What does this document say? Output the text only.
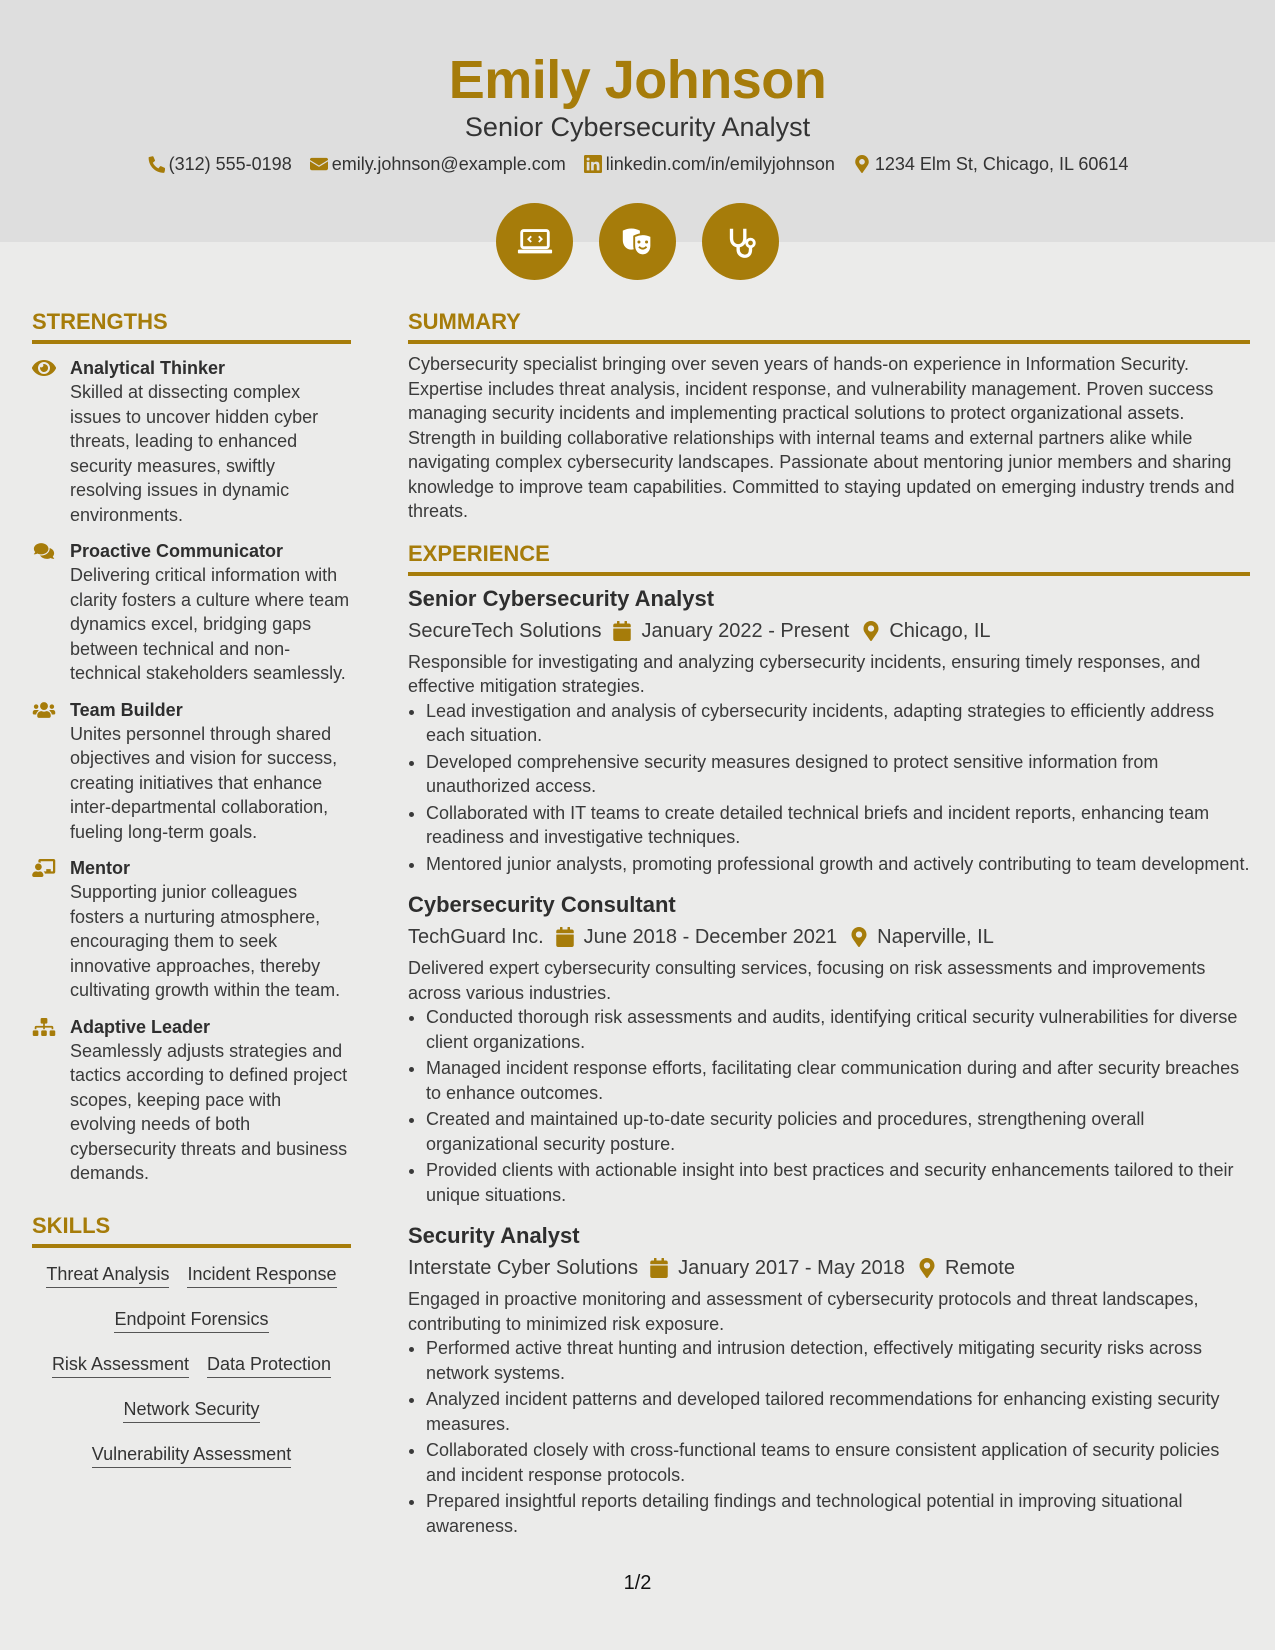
Emily Johnson
Senior Cybersecurity Analyst
(312) 555-0198 emily.johnson@example.com linkedin.com/in/emilyjohnson 1234 Elm St, Chicago, IL 60614
STRENGTHS
Analytical Thinker
Skilled at dissecting complex issues to uncover hidden cyber threats, leading to enhanced security measures, swiftly resolving issues in dynamic environments.
Proactive Communicator
Delivering critical information with clarity fosters a culture where team dynamics excel, bridging gaps between technical and non-technical stakeholders seamlessly.
Team Builder
Unites personnel through shared objectives and vision for success, creating initiatives that enhance inter-departmental collaboration, fueling long-term goals.
Mentor
Supporting junior colleagues fosters a nurturing atmosphere, encouraging them to seek innovative approaches, thereby cultivating growth within the team.
Adaptive Leader
Seamlessly adjusts strategies and tactics according to defined project scopes, keeping pace with evolving needs of both cybersecurity threats and business demands.
SKILLS
Threat Analysis Incident Response
Endpoint Forensics
Risk Assessment Data Protection
Network Security
Vulnerability Assessment
SUMMARY
Cybersecurity specialist bringing over seven years of hands-on experience in Information Security. Expertise includes threat analysis, incident response, and vulnerability management. Proven success managing security incidents and implementing practical solutions to protect organizational assets. Strength in building collaborative relationships with internal teams and external partners alike while navigating complex cybersecurity landscapes. Passionate about mentoring junior members and sharing knowledge to improve team capabilities. Committed to staying updated on emerging industry trends and threats.
EXPERIENCE
Senior Cybersecurity Analyst
SecureTech Solutions January 2022 - Present Chicago, IL
Responsible for investigating and analyzing cybersecurity incidents, ensuring timely responses, and effective mitigation strategies.
• Lead investigation and analysis of cybersecurity incidents, adapting strategies to efficiently address each situation.
• Developed comprehensive security measures designed to protect sensitive information from unauthorized access.
• Collaborated with IT teams to create detailed technical briefs and incident reports, enhancing team readiness and investigative techniques.
• Mentored junior analysts, promoting professional growth and actively contributing to team development.
Cybersecurity Consultant
TechGuard Inc. June 2018 - December 2021 Naperville, IL
Delivered expert cybersecurity consulting services, focusing on risk assessments and improvements across various industries.
• Conducted thorough risk assessments and audits, identifying critical security vulnerabilities for diverse client organizations.
• Managed incident response efforts, facilitating clear communication during and after security breaches to enhance outcomes.
• Created and maintained up-to-date security policies and procedures, strengthening overall organizational security posture.
• Provided clients with actionable insight into best practices and security enhancements tailored to their unique situations.
Security Analyst
Interstate Cyber Solutions January 2017 - May 2018 Remote
Engaged in proactive monitoring and assessment of cybersecurity protocols and threat landscapes, contributing to minimized risk exposure.
• Performed active threat hunting and intrusion detection, effectively mitigating security risks across network systems.
• Analyzed incident patterns and developed tailored recommendations for enhancing existing security measures.
• Collaborated closely with cross-functional teams to ensure consistent application of security policies and incident response protocols.
• Prepared insightful reports detailing findings and technological potential in improving situational awareness.
1/2
